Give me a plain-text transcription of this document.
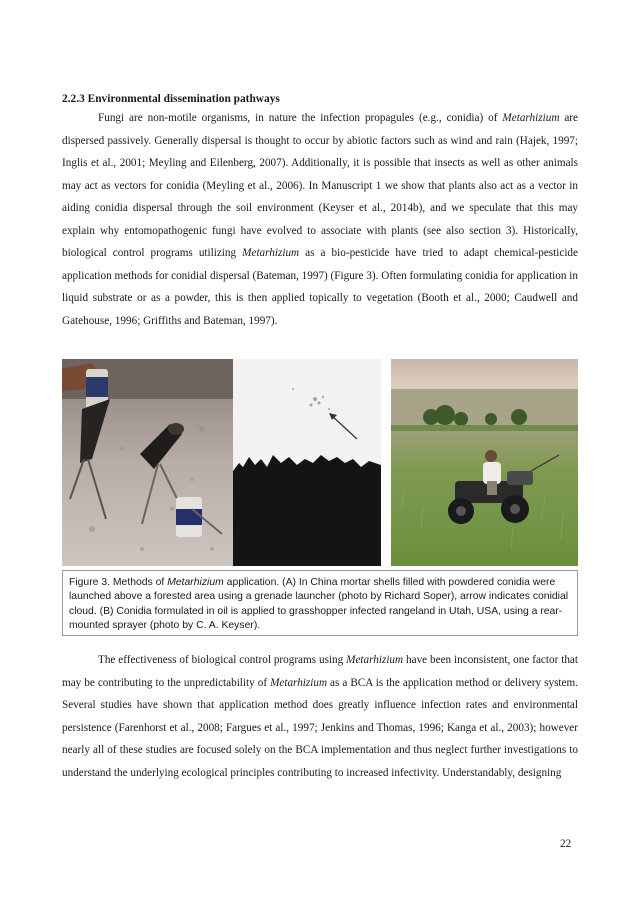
2.2.3 Environmental dissemination pathways
Fungi are non-motile organisms, in nature the infection propagules (e.g., conidia) of Metarhizium are dispersed passively. Generally dispersal is thought to occur by abiotic factors such as wind and rain (Hajek, 1997; Inglis et al., 2001; Meyling and Eilenberg, 2007). Additionally, it is possible that insects as well as other animals may act as vectors for conidia (Meyling et al., 2006). In Manuscript 1 we show that plants also act as a vector in aiding conidia dispersal through the soil environment (Keyser et al., 2014b), and we speculate that this may explain why entomopathogenic fungi have evolved to associate with plants (see also section 3). Historically, biological control programs utilizing Metarhizium as a bio-pesticide have tried to adapt chemical-pesticide application methods for conidial dispersal (Bateman, 1997) (Figure 3). Often formulating conidia for application in liquid substrate or as a powder, this is then applied topically to vegetation (Booth et al., 2000; Caudwell and Gatehouse, 1996; Griffiths and Bateman, 1997).
Figure 3. Methods of Metarhizium application. (A) In China mortar shells filled with powdered conidia were launched above a forested area using a grenade launcher (photo by Richard Soper), arrow indicates conidial cloud. (B) Conidia formulated in oil is applied to grasshopper infected rangeland in Utah, USA, using a rear-mounted sprayer (photo by C. A. Keyser).
The effectiveness of biological control programs using Metarhizium have been inconsistent, one factor that may be contributing to the unpredictability of Metarhizium as a BCA is the application method or delivery system. Several studies have shown that application method does greatly influence infection rates and environmental persistence (Farenhorst et al., 2008; Fargues et al., 1997; Jenkins and Thomas, 1996; Kanga et al., 2003); however nearly all of these studies are focused solely on the BCA implementation and thus neglect further investigations to understand the underlying ecological principles contributing to increased infectivity. Understandably, designing
22
